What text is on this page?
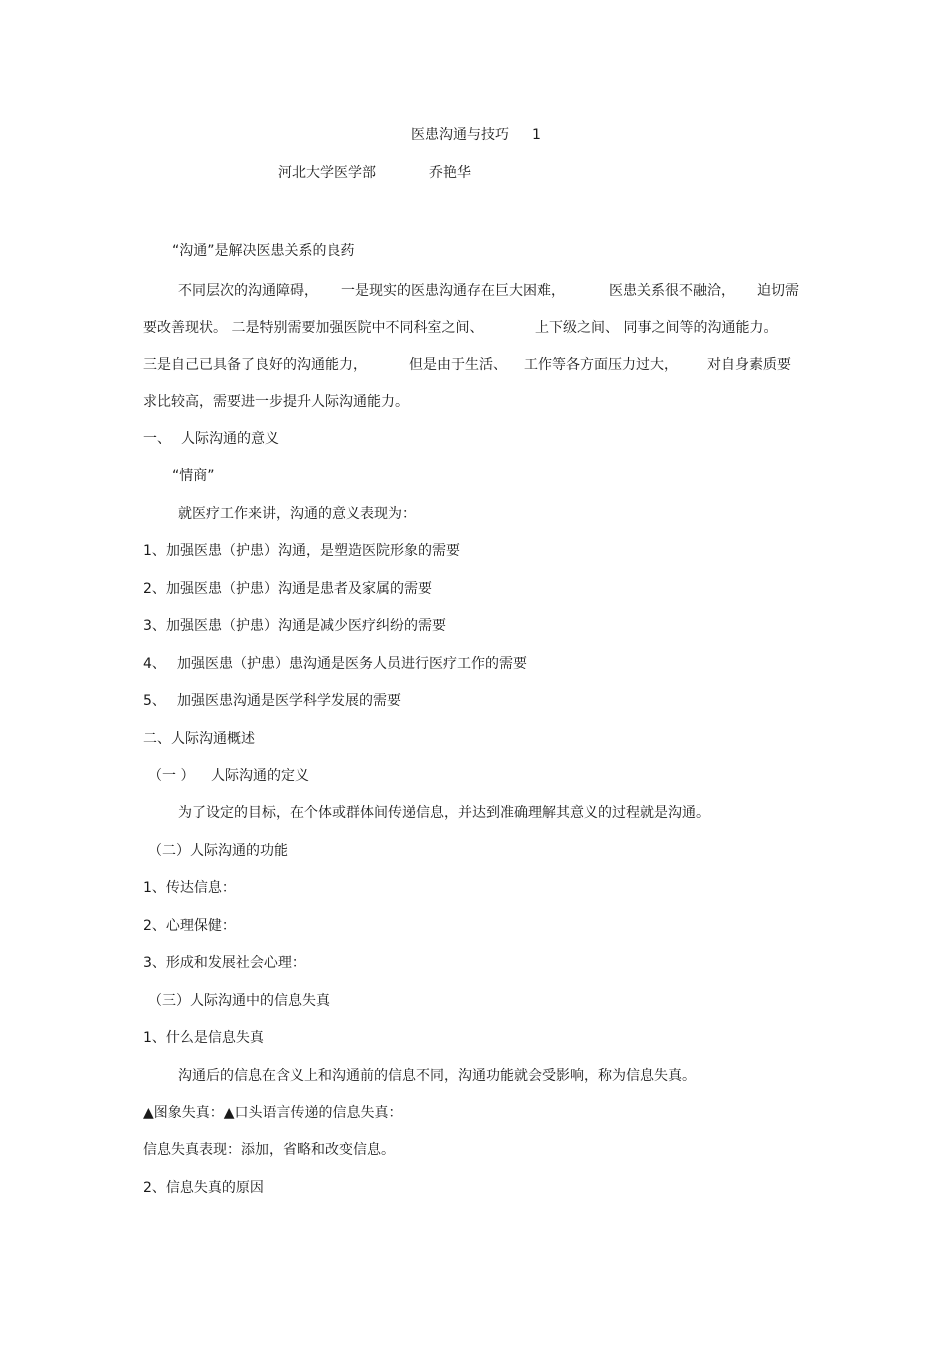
医患沟通与技巧

1

河北大学医学部

	乔艳华

“沟通”是解决医患关系的良药

不同层次的沟通障碍，

一是现实的医患沟通存在巨大困难，

	医患关系很不融洽，

迫切需

要改善现状。 二是特别需要加强医院中不同科室之间、

	上下级之间、 同事之间等的沟通能力。

三是自己已具备了良好的沟通能力，

	但是由于生活、

工作等各方面压力过大，

对自身素质要

求比较高，需要进一步提升人际沟通能力。

一、

人际沟通的意义

“情商”
就医疗工作来讲，沟通的意义表现为：

1、

加强医患（护患）沟通，是塑造医院形象的需要

2、

加强医患（护患）沟通是患者及家属的需要

3、

加强医患（护患）沟通是减少医疗纠纷的需要

4、

加强医患（护患）患沟通是医务人员进行医疗工作的需要

5、

加强医患沟通是医学科学发展的需要

二、人际沟通概述

（一 ）

人际沟通的定义

为了设定的目标，在个体或群体间传递信息，并达到准确理解其意义的过程就是沟通。
（二）人际沟通的功能
1、传达信息：
2、心理保健：
3、形成和发展社会心理：
（三）人际沟通中的信息失真
1、什么是信息失真
沟通后的信息在含义上和沟通前的信息不同，沟通功能就会受影响，称为信息失真。
▲图象失真：▲口头语言传递的信息失真：
信息失真表现：添加，省略和改变信息。
2、信息失真的原因
